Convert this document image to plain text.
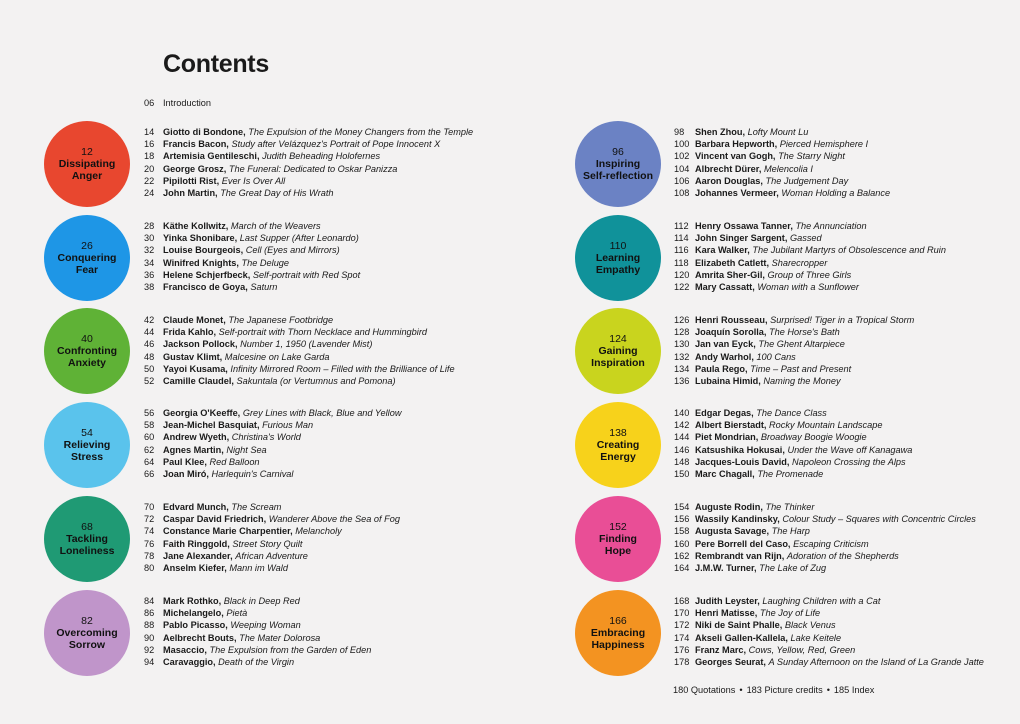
Contents
06 Introduction
12
Dissipating
Anger
14 Giotto di Bondone, The Expulsion of the Money Changers from the Temple
16 Francis Bacon, Study after Velázquez's Portrait of Pope Innocent X
18 Artemisia Gentileschi, Judith Beheading Holofernes
20 George Grosz, The Funeral: Dedicated to Oskar Panizza
22 Pipilotti Rist, Ever Is Over All
24 John Martin, The Great Day of His Wrath
26
Conquering
Fear
28 Käthe Kollwitz, March of the Weavers
30 Yinka Shonibare, Last Supper (After Leonardo)
32 Louise Bourgeois, Cell (Eyes and Mirrors)
34 Winifred Knights, The Deluge
36 Helene Schjerfbeck, Self-portrait with Red Spot
38 Francisco de Goya, Saturn
40
Confronting
Anxiety
42 Claude Monet, The Japanese Footbridge
44 Frida Kahlo, Self-portrait with Thorn Necklace and Hummingbird
46 Jackson Pollock, Number 1, 1950 (Lavender Mist)
48 Gustav Klimt, Malcesine on Lake Garda
50 Yayoi Kusama, Infinity Mirrored Room – Filled with the Brilliance of Life
52 Camille Claudel, Sakuntala (or Vertumnus and Pomona)
54
Relieving
Stress
56 Georgia O'Keeffe, Grey Lines with Black, Blue and Yellow
58 Jean-Michel Basquiat, Furious Man
60 Andrew Wyeth, Christina's World
62 Agnes Martin, Night Sea
64 Paul Klee, Red Balloon
66 Joan Miró, Harlequin's Carnival
68
Tackling
Loneliness
70 Edvard Munch, The Scream
72 Caspar David Friedrich, Wanderer Above the Sea of Fog
74 Constance Marie Charpentier, Melancholy
76 Faith Ringgold, Street Story Quilt
78 Jane Alexander, African Adventure
80 Anselm Kiefer, Mann im Wald
82
Overcoming
Sorrow
84 Mark Rothko, Black in Deep Red
86 Michelangelo, Pietà
88 Pablo Picasso, Weeping Woman
90 Aelbrecht Bouts, The Mater Dolorosa
92 Masaccio, The Expulsion from the Garden of Eden
94 Caravaggio, Death of the Virgin
96
Inspiring
Self-reflection
98 Shen Zhou, Lofty Mount Lu
100 Barbara Hepworth, Pierced Hemisphere I
102 Vincent van Gogh, The Starry Night
104 Albrecht Dürer, Melencolia I
106 Aaron Douglas, The Judgement Day
108 Johannes Vermeer, Woman Holding a Balance
110
Learning
Empathy
112 Henry Ossawa Tanner, The Annunciation
114 John Singer Sargent, Gassed
116 Kara Walker, The Jubilant Martyrs of Obsolescence and Ruin
118 Elizabeth Catlett, Sharecropper
120 Amrita Sher-Gil, Group of Three Girls
122 Mary Cassatt, Woman with a Sunflower
124
Gaining
Inspiration
126 Henri Rousseau, Surprised! Tiger in a Tropical Storm
128 Joaquín Sorolla, The Horse's Bath
130 Jan van Eyck, The Ghent Altarpiece
132 Andy Warhol, 100 Cans
134 Paula Rego, Time – Past and Present
136 Lubaina Himid, Naming the Money
138
Creating
Energy
140 Edgar Degas, The Dance Class
142 Albert Bierstadt, Rocky Mountain Landscape
144 Piet Mondrian, Broadway Boogie Woogie
146 Katsushika Hokusai, Under the Wave off Kanagawa
148 Jacques-Louis David, Napoleon Crossing the Alps
150 Marc Chagall, The Promenade
152
Finding
Hope
154 Auguste Rodin, The Thinker
156 Wassily Kandinsky, Colour Study – Squares with Concentric Circles
158 Augusta Savage, The Harp
160 Pere Borrell del Caso, Escaping Criticism
162 Rembrandt van Rijn, Adoration of the Shepherds
164 J.M.W. Turner, The Lake of Zug
166
Embracing
Happiness
168 Judith Leyster, Laughing Children with a Cat
170 Henri Matisse, The Joy of Life
172 Niki de Saint Phalle, Black Venus
174 Akseli Gallen-Kallela, Lake Keitele
176 Franz Marc, Cows, Yellow, Red, Green
178 Georges Seurat, A Sunday Afternoon on the Island of La Grande Jatte
180 Quotations • 183 Picture credits • 185 Index
